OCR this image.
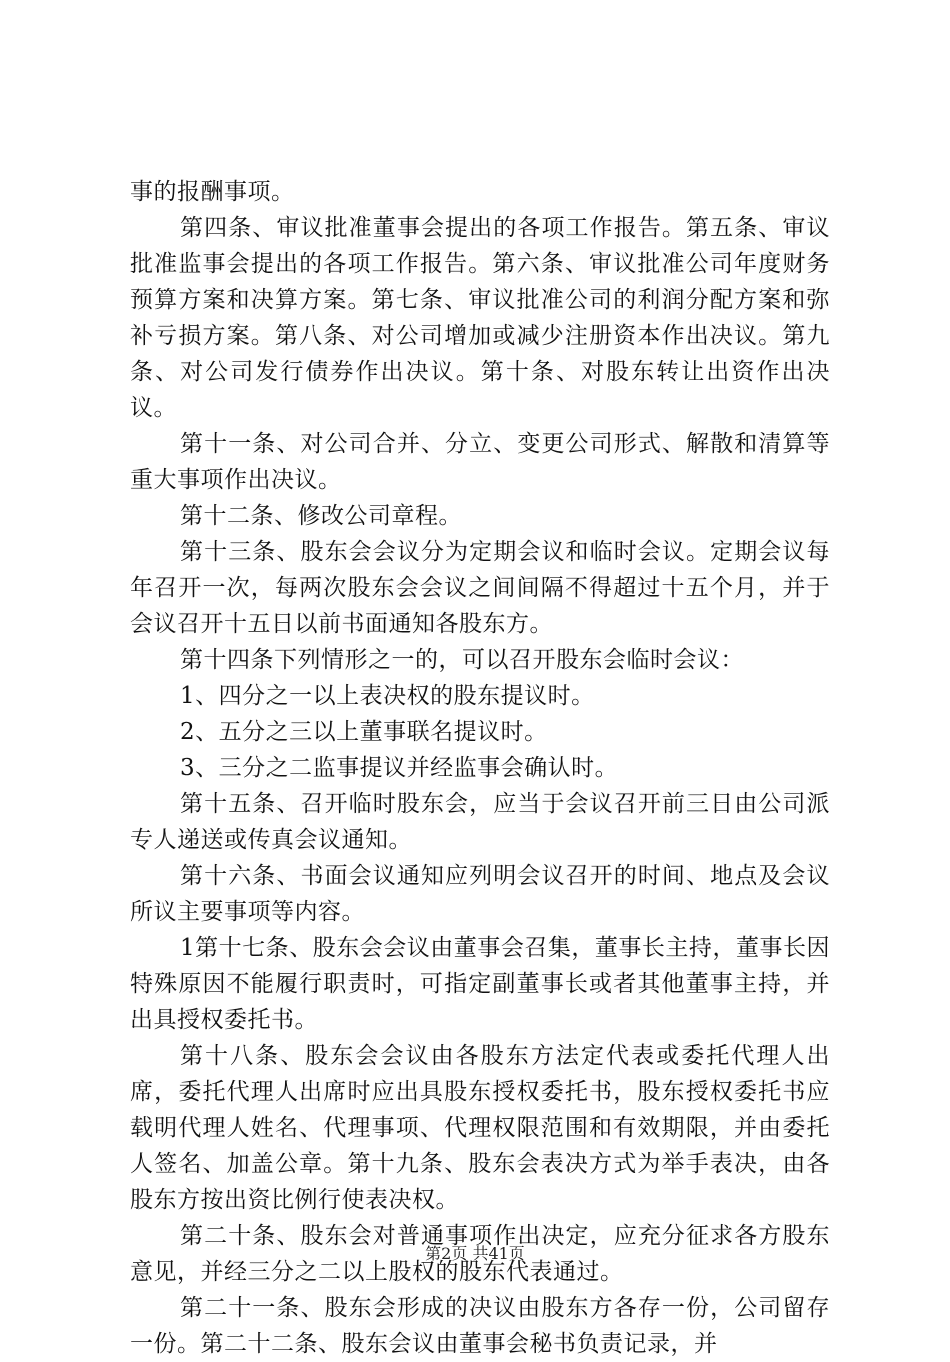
事的报酬事项。

第四条、审议批准董事会提出的各项工作报告。第五条、审议批准监事会提出的各项工作报告。第六条、审议批准公司年度财务预算方案和决算方案。第七条、审议批准公司的利润分配方案和弥补亏损方案。第八条、对公司增加或减少注册资本作出决议。第九条、对公司发行债券作出决议。第十条、对股东转让出资作出决议。

第十一条、对公司合并、分立、变更公司形式、解散和清算等重大事项作出决议。

第十二条、修改公司章程。

第十三条、股东会会议分为定期会议和临时会议。定期会议每年召开一次，每两次股东会会议之间间隔不得超过十五个月，并于会议召开十五日以前书面通知各股东方。

第十四条下列情形之一的，可以召开股东会临时会议：

1、四分之一以上表决权的股东提议时。

2、五分之三以上董事联名提议时。

3、三分之二监事提议并经监事会确认时。

第十五条、召开临时股东会，应当于会议召开前三日由公司派专人递送或传真会议通知。

第十六条、书面会议通知应列明会议召开的时间、地点及会议所议主要事项等内容。

1第十七条、股东会会议由董事会召集，董事长主持，董事长因特殊原因不能履行职责时，可指定副董事长或者其他董事主持，并出具授权委托书。

第十八条、股东会会议由各股东方法定代表或委托代理人出席，委托代理人出席时应出具股东授权委托书，股东授权委托书应载明代理人姓名、代理事项、代理权限范围和有效期限，并由委托人签名、加盖公章。第十九条、股东会表决方式为举手表决，由各股东方按出资比例行使表决权。

第二十条、股东会对普通事项作出决定，应充分征求各方股东意见，并经三分之二以上股权的股东代表通过。

第二十一条、股东会形成的决议由股东方各存一份，公司留存一份。第二十二条、股东会议由董事会秘书负责记录，并

第2页 共41页
